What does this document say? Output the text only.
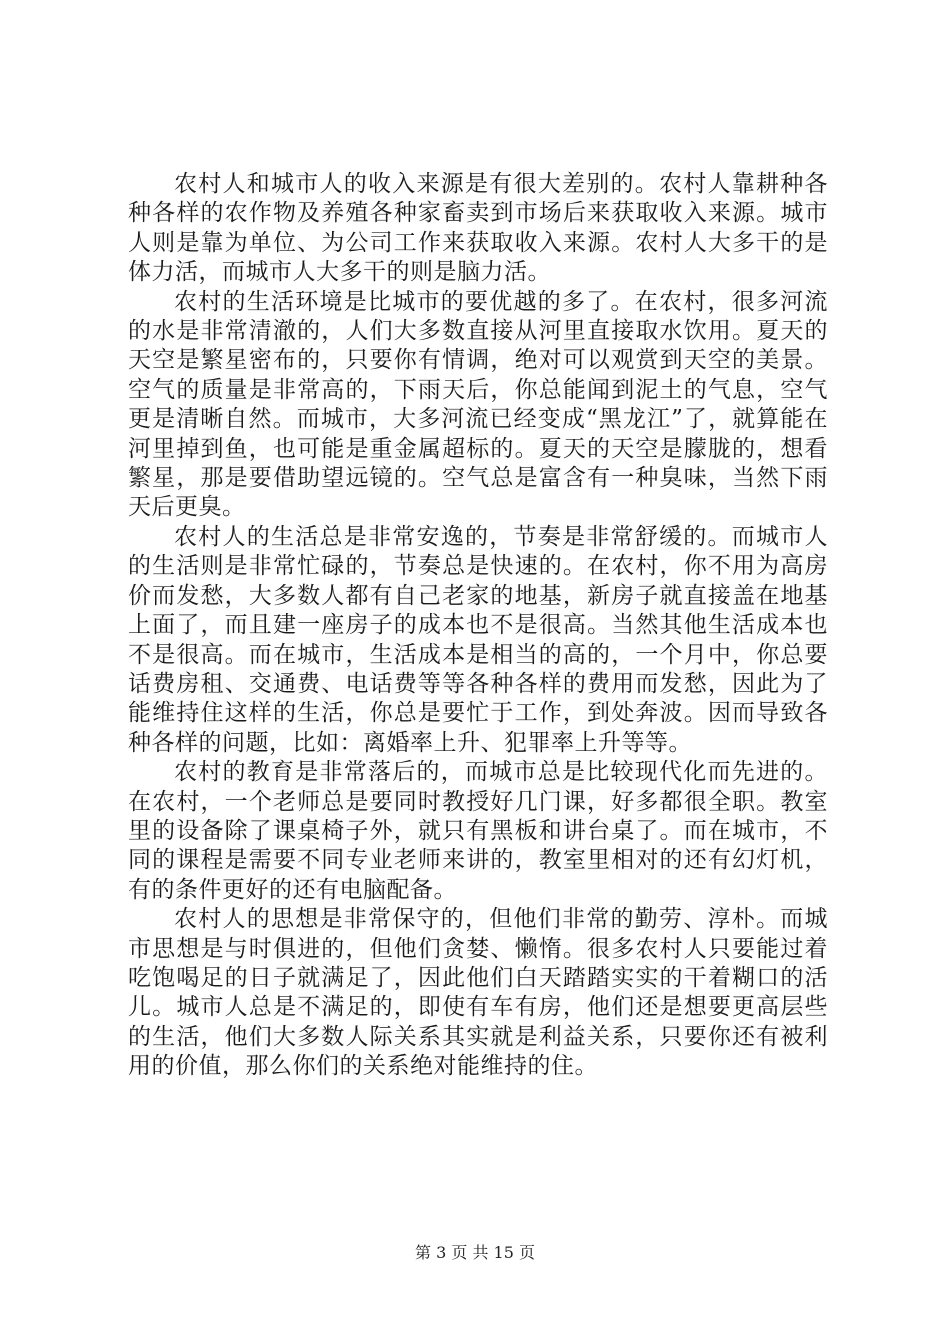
农村人和城市人的收入来源是有很大差别的。农村人靠耕种各种各样的农作物及养殖各种家畜卖到市场后来获取收入来源。城市人则是靠为单位、为公司工作来获取收入来源。农村人大多干的是体力活，而城市人大多干的则是脑力活。

农村的生活环境是比城市的要优越的多了。在农村，很多河流的水是非常清澈的，人们大多数直接从河里直接取水饮用。夏天的天空是繁星密布的，只要你有情调，绝对可以观赏到天空的美景。空气的质量是非常高的，下雨天后，你总能闻到泥土的气息，空气更是清晰自然。而城市，大多河流已经变成“黑龙江”了，就算能在河里掉到鱼，也可能是重金属超标的。夏天的天空是朦胧的，想看繁星，那是要借助望远镜的。空气总是富含有一种臭味，当然下雨天后更臭。

农村人的生活总是非常安逸的，节奏是非常舒缓的。而城市人的生活则是非常忙碌的，节奏总是快速的。在农村，你不用为高房价而发愁，大多数人都有自己老家的地基，新房子就直接盖在地基上面了，而且建一座房子的成本也不是很高。当然其他生活成本也不是很高。而在城市，生活成本是相当的高的，一个月中，你总要话费房租、交通费、电话费等等各种各样的费用而发愁，因此为了能维持住这样的生活，你总是要忙于工作，到处奔波。因而导致各种各样的问题，比如：离婚率上升、犯罪率上升等等。

农村的教育是非常落后的，而城市总是比较现代化而先进的。在农村，一个老师总是要同时教授好几门课，好多都很全职。教室里的设备除了课桌椅子外，就只有黑板和讲台桌了。而在城市，不同的课程是需要不同专业老师来讲的，教室里相对的还有幻灯机，有的条件更好的还有电脑配备。

农村人的思想是非常保守的，但他们非常的勤劳、淳朴。而城市思想是与时俱进的，但他们贪婪、懒惰。很多农村人只要能过着吃饱喝足的日子就满足了，因此他们白天踏踏实实的干着糊口的活儿。城市人总是不满足的，即使有车有房，他们还是想要更高层些的生活，他们大多数人际关系其实就是利益关系，只要你还有被利用的价值，那么你们的关系绝对能维持的住。

第 3 页 共 15 页
